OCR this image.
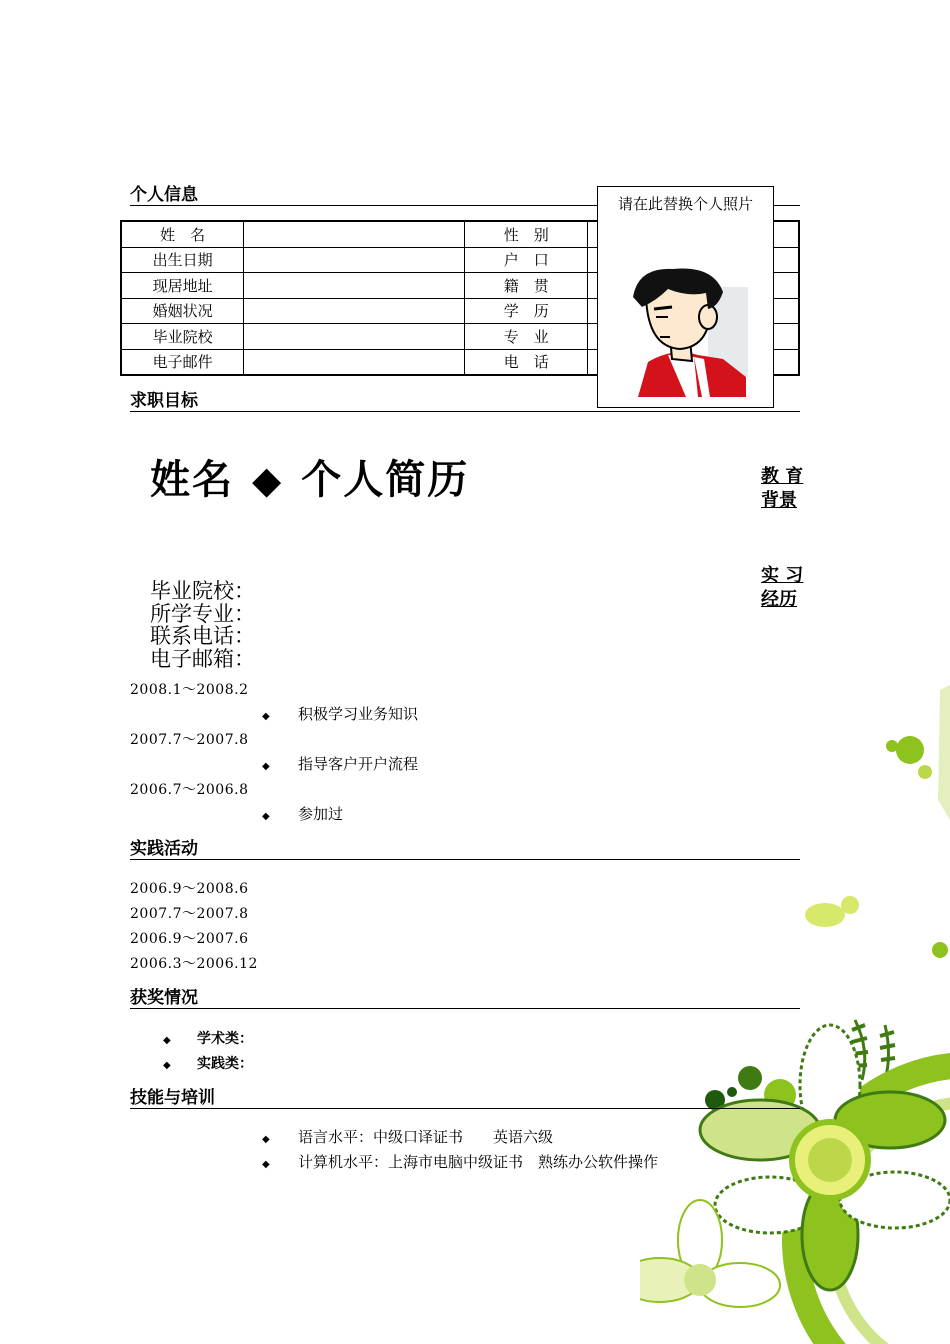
个人信息
姓　名		性　别	
出生日期		户　口	
现居地址		籍　贯	
婚姻状况		学　历	
毕业院校		专　业	
电子邮件		电　话	
请在此替换个人照片
求职目标
姓名 ◆ 个人简历	教 育
背景
实 习
经历
毕业院校：
所学专业：
联系电话：
电子邮箱：
2008.1～2008.2
◆ 积极学习业务知识
2007.7～2007.8
◆ 指导客户开户流程
2006.7～2006.8
◆ 参加过
实践活动
2006.9～2008.6
2007.7～2007.8
2006.9～2007.6
2006.3～2006.12
获奖情况
◆ 学术类：
◆ 实践类：
技能与培训
◆ 语言水平：中级口译证书　　英语六级
◆ 计算机水平：上海市电脑中级证书　熟练办公软件操作
